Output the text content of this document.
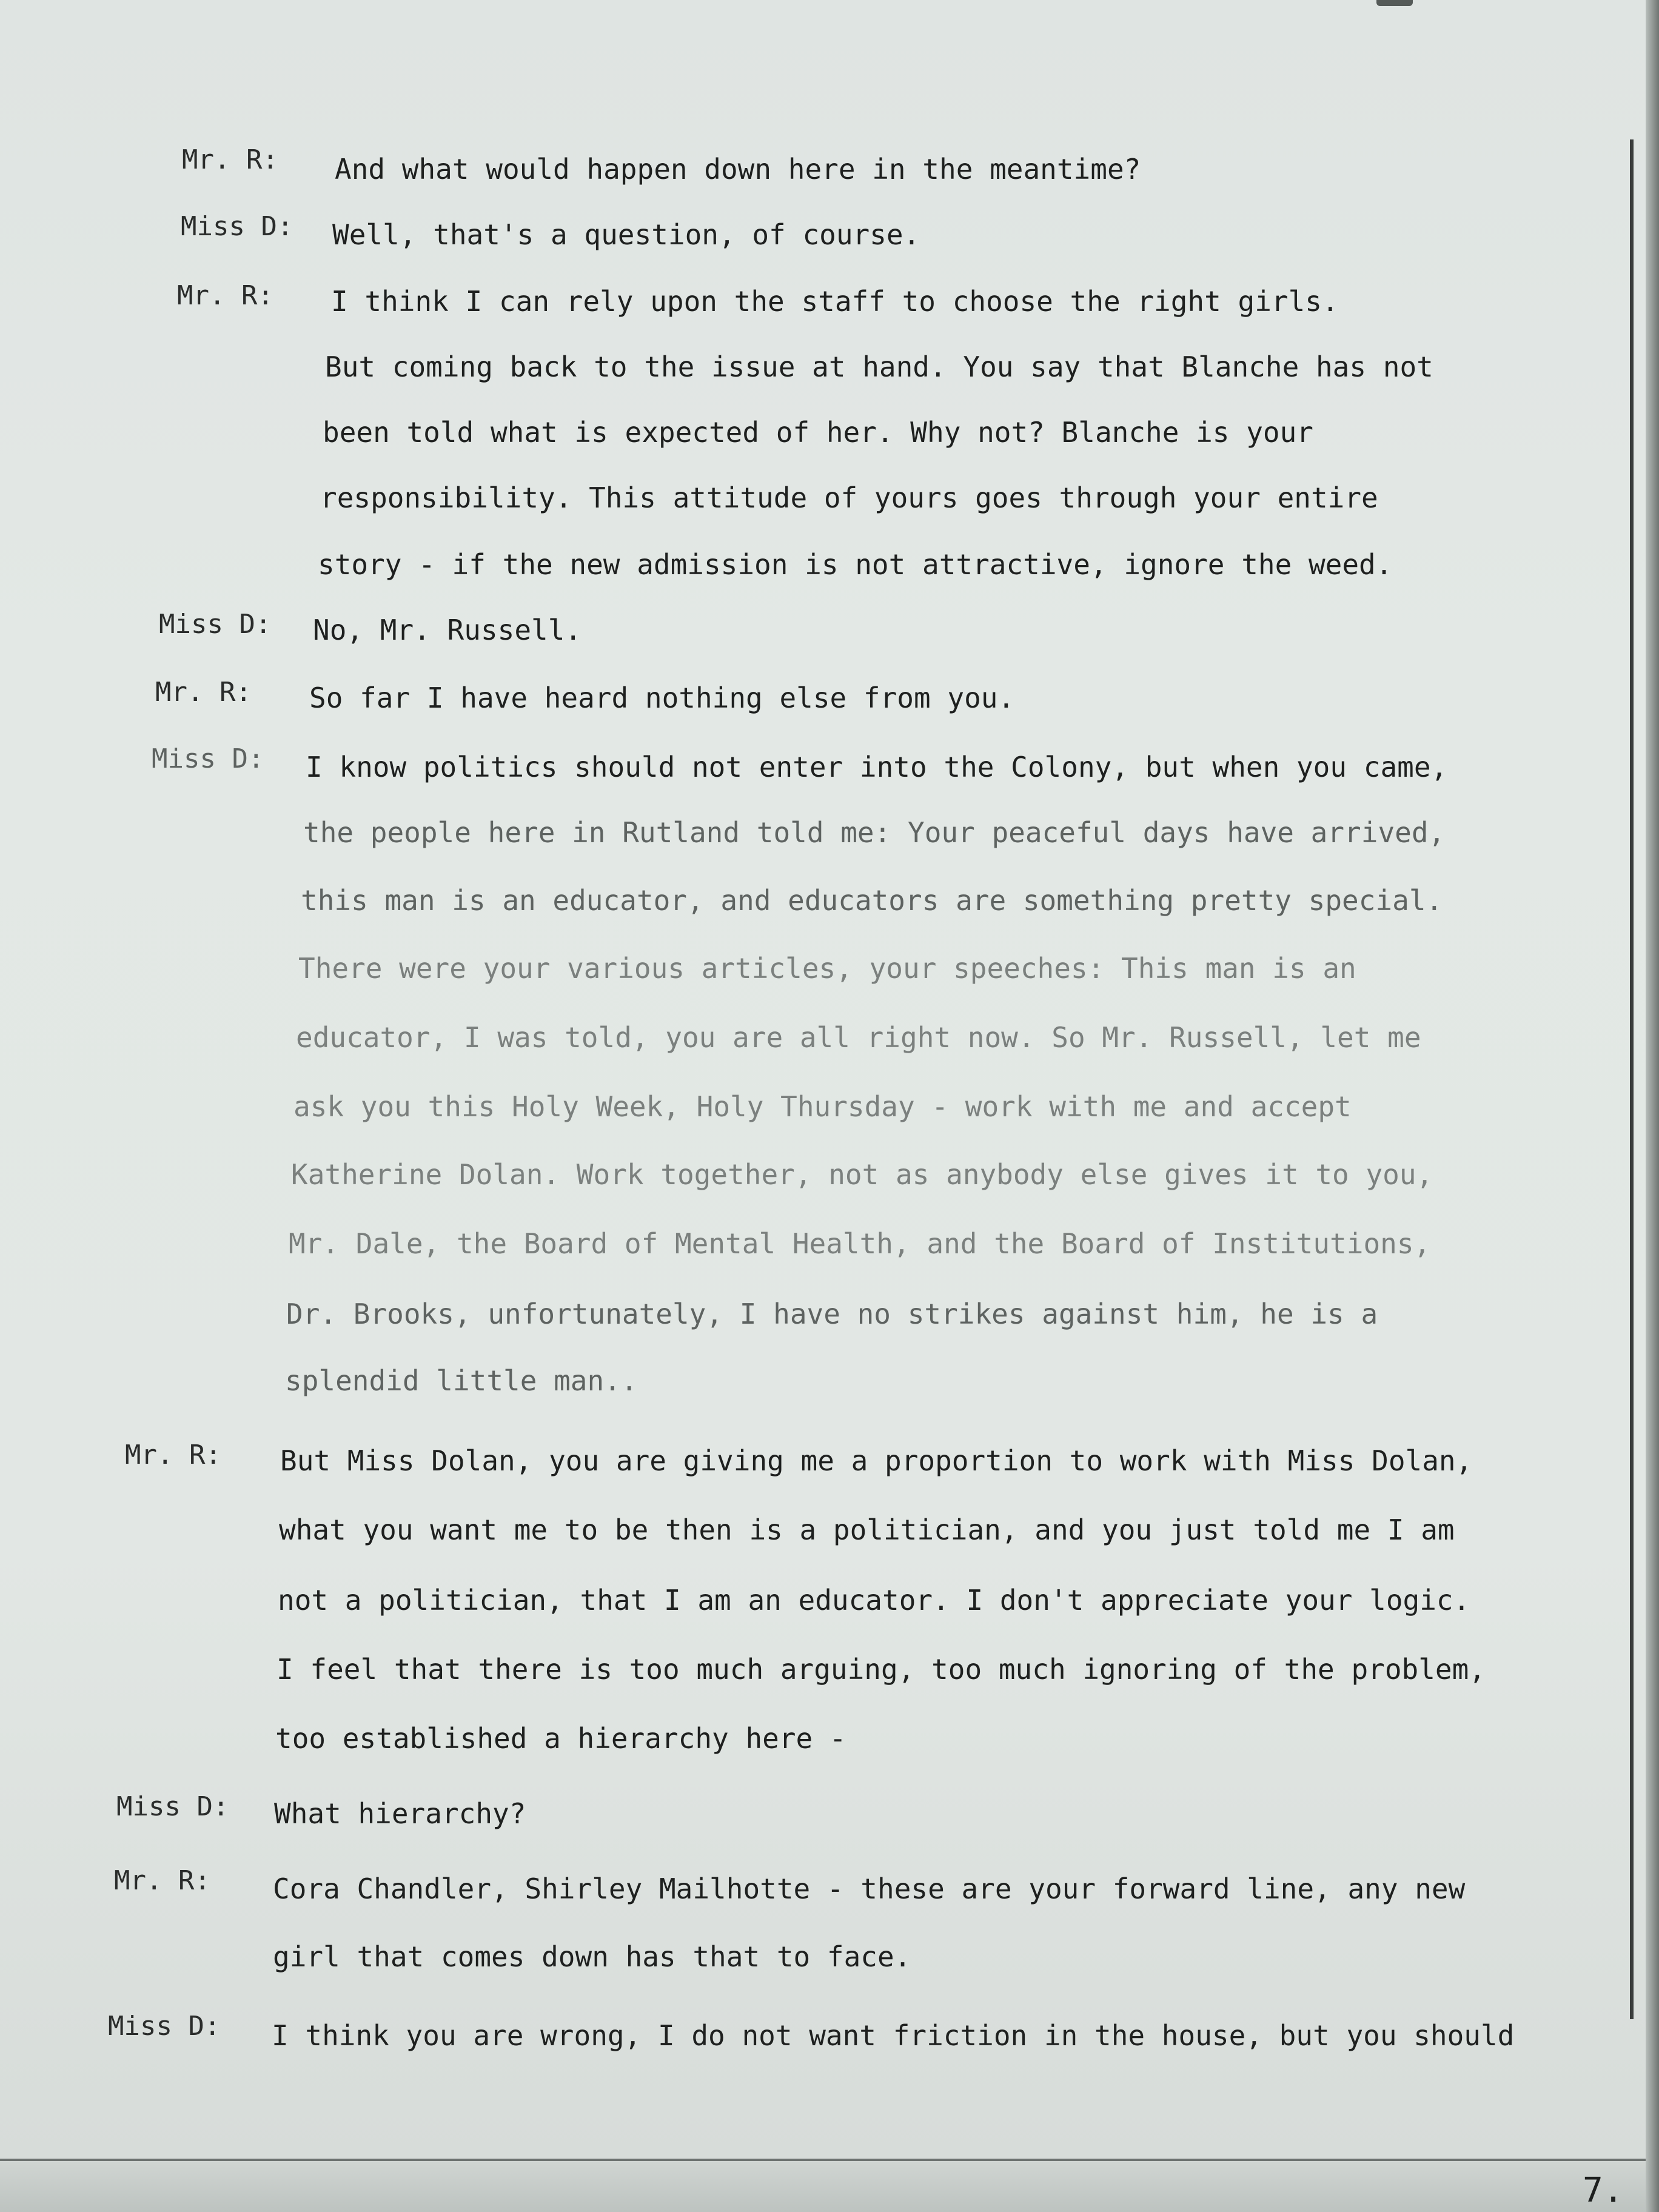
Mr. R: And what would happen down here in the meantime?
Miss D: Well, that's a question, of course.
Mr. R: I think I can rely upon the staff to choose the right girls.
But coming back to the issue at hand. You say that Blanche has not
been told what is expected of her. Why not? Blanche is your
responsibility. This attitude of yours goes through your entire
story - if the new admission is not attractive, ignore the weed.
Miss D: No, Mr. Russell.
Mr. R: So far I have heard nothing else from you.
Miss D: I know politics should not enter into the Colony, but when you came,
the people here in Rutland told me: Your peaceful days have arrived,
this man is an educator, and educators are something pretty special.
There were your various articles, your speeches: This man is an
educator, I was told, you are all right now. So Mr. Russell, let me
ask you this Holy Week, Holy Thursday - work with me and accept
Katherine Dolan. Work together, not as anybody else gives it to you,
Mr. Dale, the Board of Mental Health, and the Board of Institutions,
Dr. Brooks, unfortunately, I have no strikes against him, he is a
splendid little man..
Mr. R: But Miss Dolan, you are giving me a proportion to work with Miss Dolan,
what you want me to be then is a politician, and you just told me I am
not a politician, that I am an educator. I don't appreciate your logic.
I feel that there is too much arguing, too much ignoring of the problem,
too established a hierarchy here -
Miss D: What hierarchy?
Mr. R: Cora Chandler, Shirley Mailhotte - these are your forward line, any new
girl that comes down has that to face.
Miss D: I think you are wrong, I do not want friction in the house, but you should
7.
